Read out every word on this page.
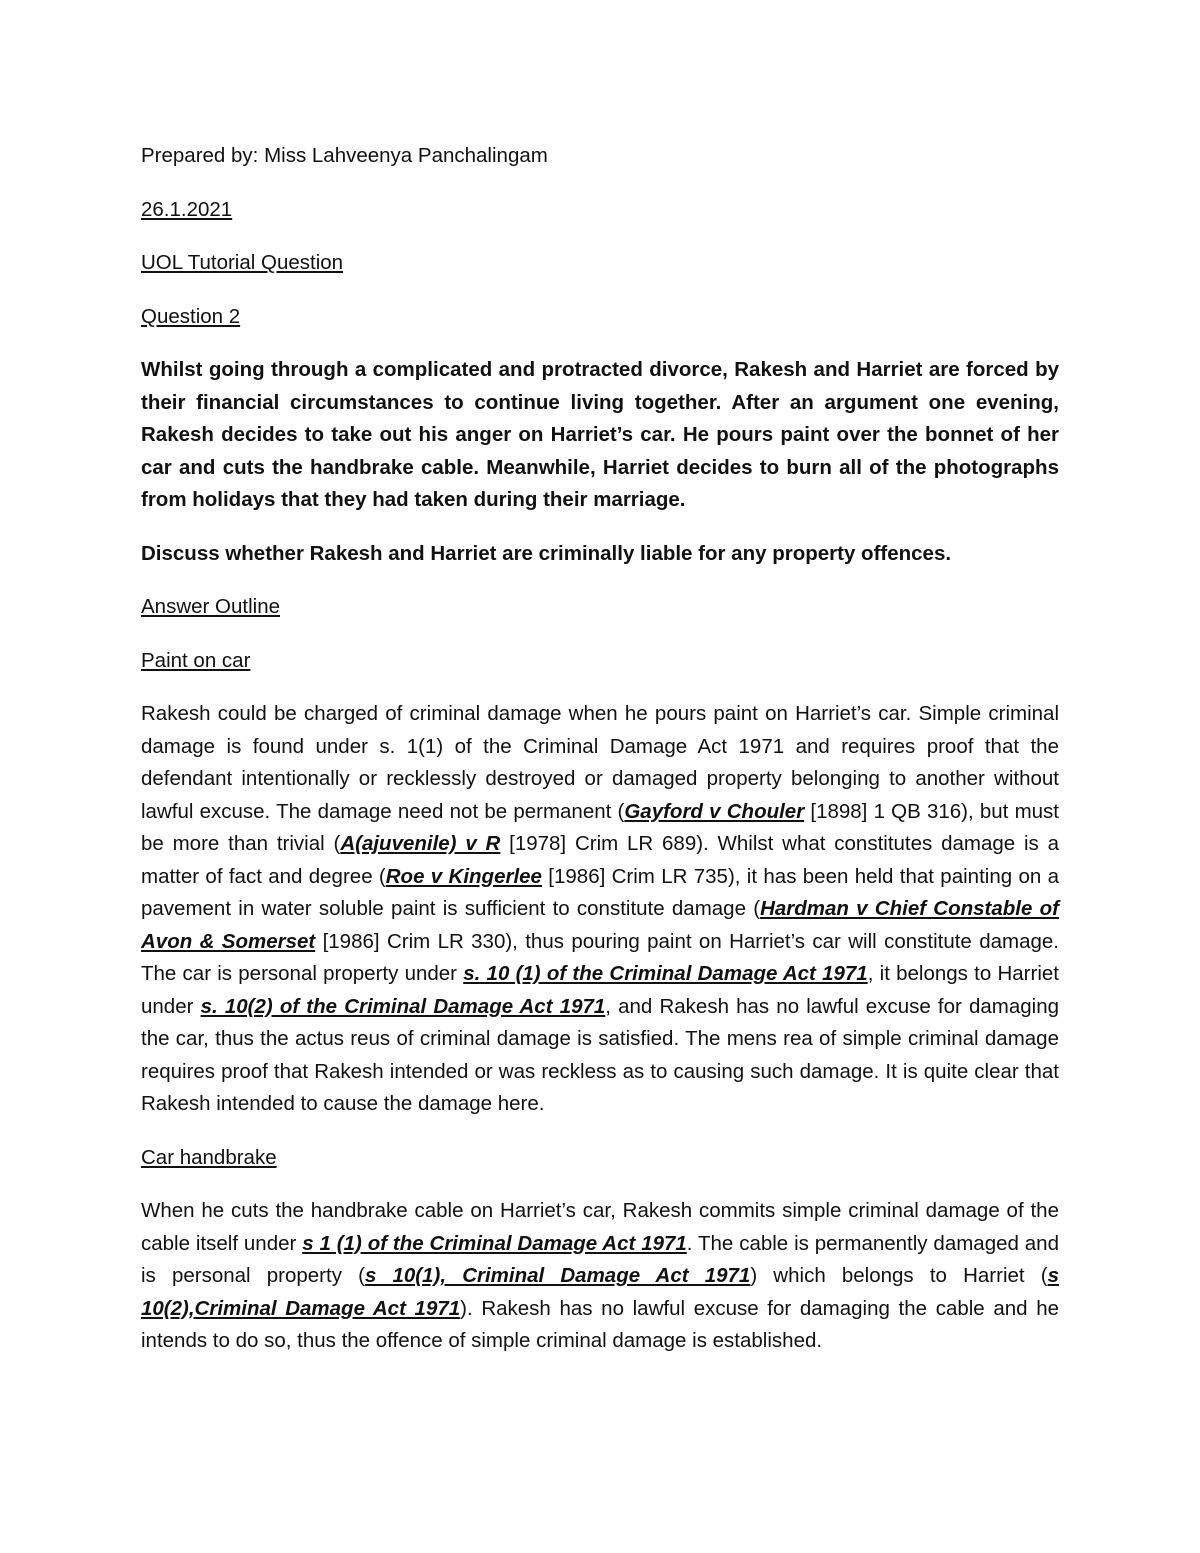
Prepared by: Miss Lahveenya Panchalingam

26.1.2021

UOL Tutorial Question

Question 2

Whilst going through a complicated and protracted divorce, Rakesh and Harriet are forced by their financial circumstances to continue living together. After an argument one evening, Rakesh decides to take out his anger on Harriet’s car. He pours paint over the bonnet of her car and cuts the handbrake cable. Meanwhile, Harriet decides to burn all of the photographs from holidays that they had taken during their marriage.

Discuss whether Rakesh and Harriet are criminally liable for any property offences.

Answer Outline

Paint on car

Rakesh could be charged of criminal damage when he pours paint on Harriet’s car. Simple criminal damage is found under s. 1(1) of the Criminal Damage Act 1971 and requires proof that the defendant intentionally or recklessly destroyed or damaged property belonging to another without lawful excuse. The damage need not be permanent (Gayford v Chouler [1898] 1 QB 316), but must be more than trivial (A(ajuvenile) v R [1978] Crim LR 689). Whilst what constitutes damage is a matter of fact and degree (Roe v Kingerlee [1986] Crim LR 735), it has been held that painting on a pavement in water soluble paint is sufficient to constitute damage (Hardman v Chief Constable of Avon & Somerset [1986] Crim LR 330), thus pouring paint on Harriet’s car will constitute damage. The car is personal property under s. 10 (1) of the Criminal Damage Act 1971, it belongs to Harriet under s. 10(2) of the Criminal Damage Act 1971, and Rakesh has no lawful excuse for damaging the car, thus the actus reus of criminal damage is satisfied. The mens rea of simple criminal damage requires proof that Rakesh intended or was reckless as to causing such damage. It is quite clear that Rakesh intended to cause the damage here.

Car handbrake

When he cuts the handbrake cable on Harriet’s car, Rakesh commits simple criminal damage of the cable itself under s 1 (1) of the Criminal Damage Act 1971. The cable is permanently damaged and is personal property (s 10(1), Criminal Damage Act 1971) which belongs to Harriet (s 10(2),Criminal Damage Act 1971). Rakesh has no lawful excuse for damaging the cable and he intends to do so, thus the offence of simple criminal damage is established.
